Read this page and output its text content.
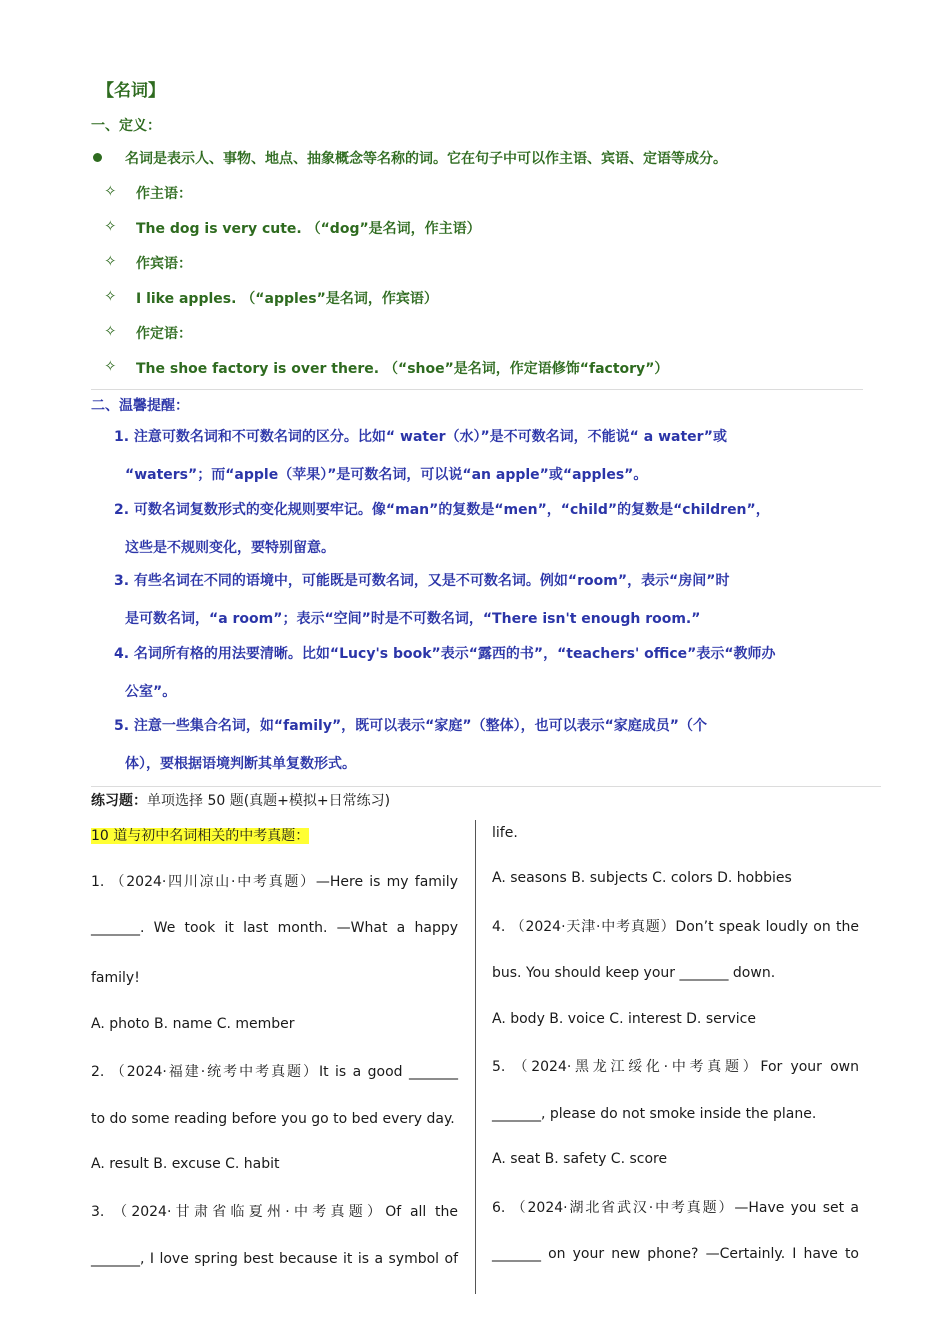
【名词】
一、定义：
名词是表示人、事物、地点、抽象概念等名称的词。它在句子中可以作主语、宾语、定语等成分。
✧ 作主语：
✧ The dog is very cute. （“dog”是名词，作主语）
✧ 作宾语：
✧ I like apples. （“apples”是名词，作宾语）
✧ 作定语：
✧ The shoe factory is over there. （“shoe”是名词，作定语修饰“factory”）
二、温馨提醒：
1. 注意可数名词和不可数名词的区分。比如“ water（水）”是不可数名词，不能说“ a water”或
“waters”；而“apple（苹果）”是可数名词，可以说“an apple”或“apples”。
2. 可数名词复数形式的变化规则要牢记。像“man”的复数是“men”，“child”的复数是“children”，
这些是不规则变化，要特别留意。
3. 有些名词在不同的语境中，可能既是可数名词，又是不可数名词。例如“room”，表示“房间”时
是可数名词，“a room”；表示“空间”时是不可数名词，“There isn't enough room.”
4. 名词所有格的用法要清晰。比如“Lucy's book”表示“露西的书”，“teachers' office”表示“教师办
公室”。
5. 注意一些集合名词，如“family”，既可以表示“家庭”（整体），也可以表示“家庭成员”（个
体），要根据语境判断其单复数形式。
练习题：单项选择 50 题(真题+模拟+日常练习)

10 道与初中名词相关的中考真题：

1. （2024·四川凉山·中考真题）—Here is my family

_______. We took it last month. —What a happy

family!

A. photo B. name C. member

2. （2024·福建·统考中考真题）It is a good _______

to do some reading before you go to bed every day.

A. result B. excuse C. habit

3. （2024·甘肃省临夏州·中考真题）Of all the

_______, I love spring best because it is a symbol of

life.

A. seasons B. subjects C. colors D. hobbies

4. （2024·天津·中考真题）Don’t speak loudly on the

bus. You should keep your _______ down.

A. body B. voice C. interest D. service

5. （2024·黑龙江绥化·中考真题）For your own

_______, please do not smoke inside the plane.

A. seat B. safety C. score

6. （2024·湖北省武汉·中考真题）—Have you set a

_______ on your new phone? —Certainly. I have to
